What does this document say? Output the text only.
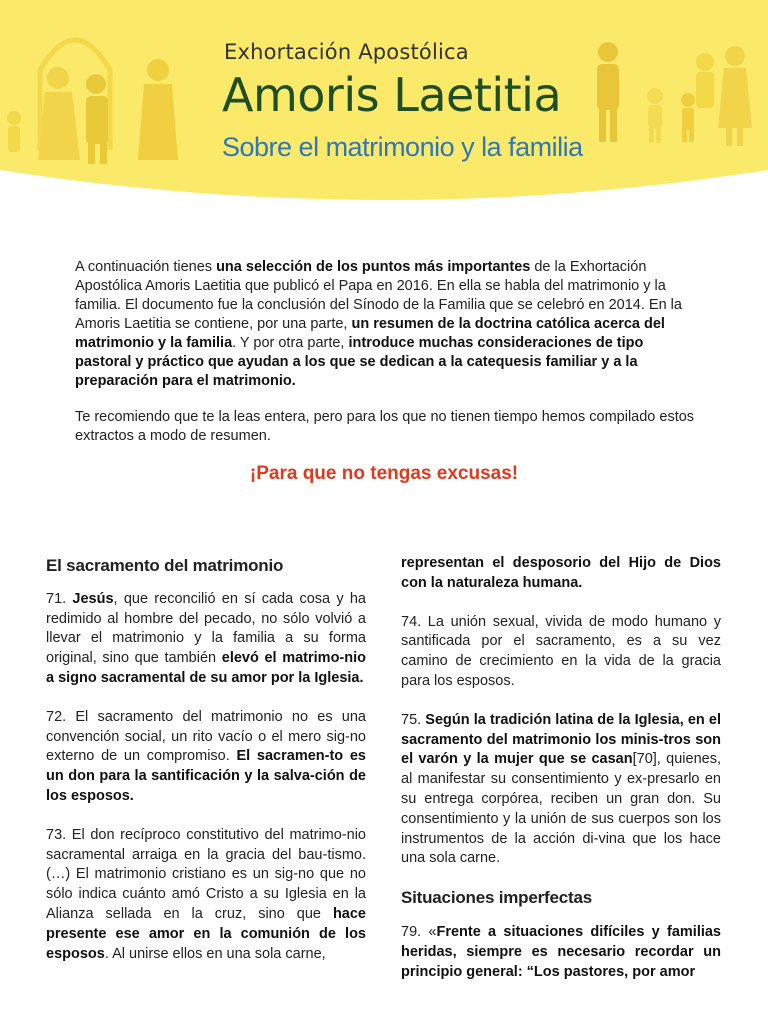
Exhortación Apostólica
Amoris Laetitia
Sobre el matrimonio y la familia

A continuación tienes una selección de los puntos más importantes de la Exhortación Apostólica Amoris Laetitia que publicó el Papa en 2016. En ella se habla del matrimonio y la familia. El documento fue la conclusión del Sínodo de la Familia que se celebró en 2014. En la Amoris Laetitia se contiene, por una parte, un resumen de la doctrina católica acerca del matrimonio y la familia. Y por otra parte, introduce muchas consideraciones de tipo pastoral y práctico que ayudan a los que se dedican a la catequesis familiar y a la preparación para el matrimonio.

Te recomiendo que te la leas entera, pero para los que no tienen tiempo hemos compilado estos extractos a modo de resumen.

¡Para que no tengas excusas!
El sacramento del matrimonio

71. Jesús, que reconcilió en sí cada cosa y ha redimido al hombre del pecado, no sólo volvió a llevar el matrimonio y la familia a su forma original, sino que también elevó el matrimo-nio a signo sacramental de su amor por la Iglesia.

72. El sacramento del matrimonio no es una convención social, un rito vacío o el mero sig-no externo de un compromiso. El sacramen-to es un don para la santificación y la salva-ción de los esposos.

73. El don recíproco constitutivo del matrimo-nio sacramental arraiga en la gracia del bau-tismo. (…) El matrimonio cristiano es un sig-no que no sólo indica cuánto amó Cristo a su Iglesia en la Alianza sellada en la cruz, sino que hace presente ese amor en la comunión de los esposos. Al unirse ellos en una sola carne,

representan el desposorio del Hijo de Dios con la naturaleza humana.

74. La unión sexual, vivida de modo humano y santificada por el sacramento, es a su vez camino de crecimiento en la vida de la gracia para los esposos.

75. Según la tradición latina de la Iglesia, en el sacramento del matrimonio los minis-tros son el varón y la mujer que se casan[70], quienes, al manifestar su consentimiento y ex-presarlo en su entrega corpórea, reciben un gran don. Su consentimiento y la unión de sus cuerpos son los instrumentos de la acción di-vina que los hace una sola carne.

Situaciones imperfectas

79. «Frente a situaciones difíciles y familias heridas, siempre es necesario recordar un principio general: “Los pastores, por amor
